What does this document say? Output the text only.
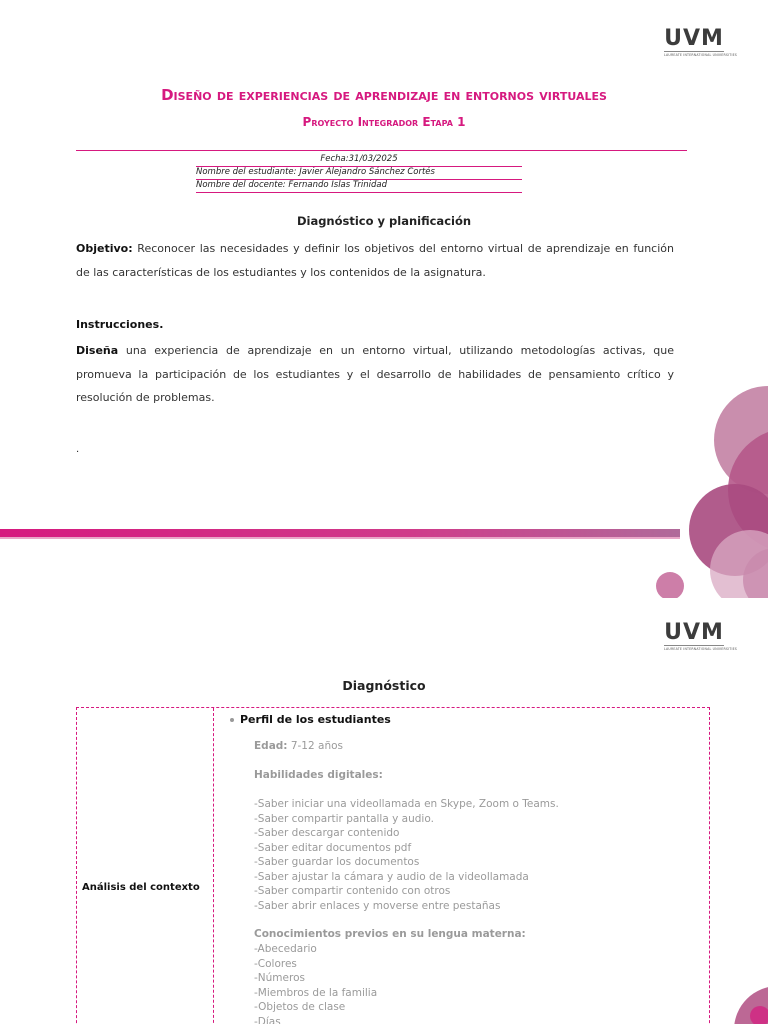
UVM
LAUREATE INTERNATIONAL UNIVERSITIES
Diseño de experiencias de aprendizaje en entornos virtuales
Proyecto Integrador Etapa 1
Fecha:31/03/2025
Nombre del estudiante: Javier Alejandro Sánchez Cortés
Nombre del docente: Fernando Islas Trinidad
Diagnóstico y planificación
Objetivo: Reconocer las necesidades y definir los objetivos del entorno virtual de aprendizaje en función de las características de los estudiantes y los contenidos de la asignatura.
Instrucciones.
Diseña una experiencia de aprendizaje en un entorno virtual, utilizando metodologías activas, que promueva la participación de los estudiantes y el desarrollo de habilidades de pensamiento crítico y resolución de problemas.
.
UVM
LAUREATE INTERNATIONAL UNIVERSITIES
Diagnóstico
Análisis del contexto
Perfil de los estudiantes
Edad: 7-12 años
Habilidades digitales:
-Saber iniciar una videollamada en Skype, Zoom o Teams.
-Saber compartir pantalla y audio.
-Saber descargar contenido
-Saber editar documentos pdf
-Saber guardar los documentos
-Saber ajustar la cámara y audio de la videollamada
-Saber compartir contenido con otros
-Saber abrir enlaces y moverse entre pestañas
Conocimientos previos en su lengua materna:
-Abecedario
-Colores
-Números
-Miembros de la familia
-Objetos de clase
-Días
